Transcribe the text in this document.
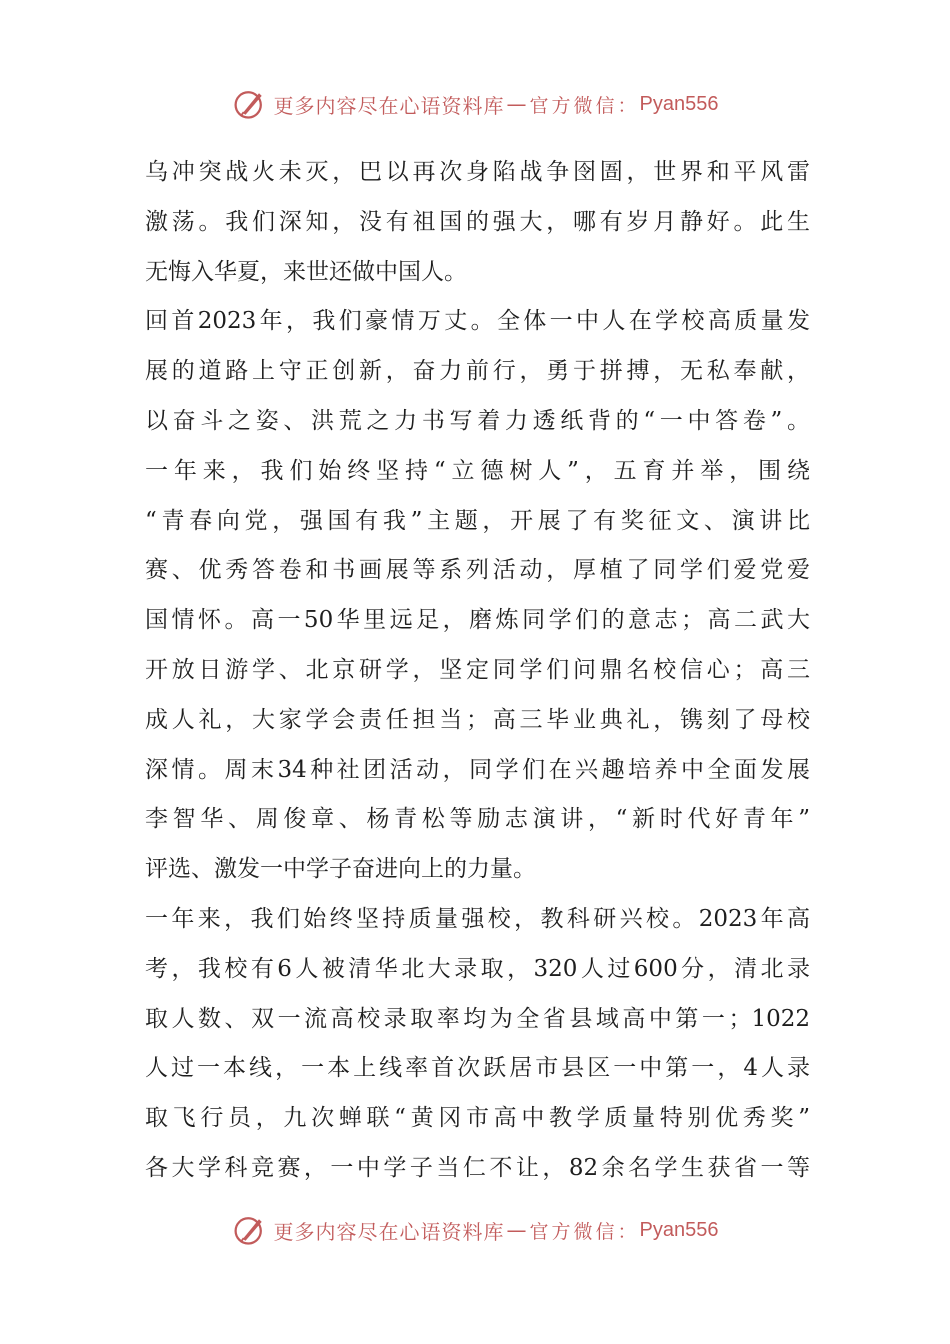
更多内容尽在心语资料库 — 官方微信： Pyan556
乌冲突战火未灭，巴以再次身陷战争囹圄，世界和平风雷
激荡。我们深知，没有祖国的强大，哪有岁月静好。此生
无悔入华夏，来世还做中国人。
回首2023年，我们豪情万丈。全体一中人在学校高质量发
展的道路上守正创新，奋力前行，勇于拼搏，无私奉献，
以奋斗之姿、洪荒之力书写着力透纸背的“一中答卷”。
一年来，我们始终坚持“立德树人”，五育并举，围绕
“青春向党，强国有我”主题，开展了有奖征文、演讲比
赛、优秀答卷和书画展等系列活动，厚植了同学们爱党爱
国情怀。高一50华里远足，磨炼同学们的意志；高二武大
开放日游学、北京研学，坚定同学们问鼎名校信心；高三
成人礼，大家学会责任担当；高三毕业典礼，镌刻了母校
深情。周末34种社团活动，同学们在兴趣培养中全面发展
李智华、周俊章、杨青松等励志演讲，“新时代好青年”
评选、激发一中学子奋进向上的力量。
一年来，我们始终坚持质量强校，教科研兴校。2023年高
考，我校有6人被清华北大录取，320人过600分，清北录
取人数、双一流高校录取率均为全省县域高中第一；1022
人过一本线，一本上线率首次跃居市县区一中第一，4人录
取飞行员，九次蝉联“黄冈市高中教学质量特别优秀奖”
各大学科竞赛，一中学子当仁不让，82余名学生获省一等
更多内容尽在心语资料库 — 官方微信： Pyan556
